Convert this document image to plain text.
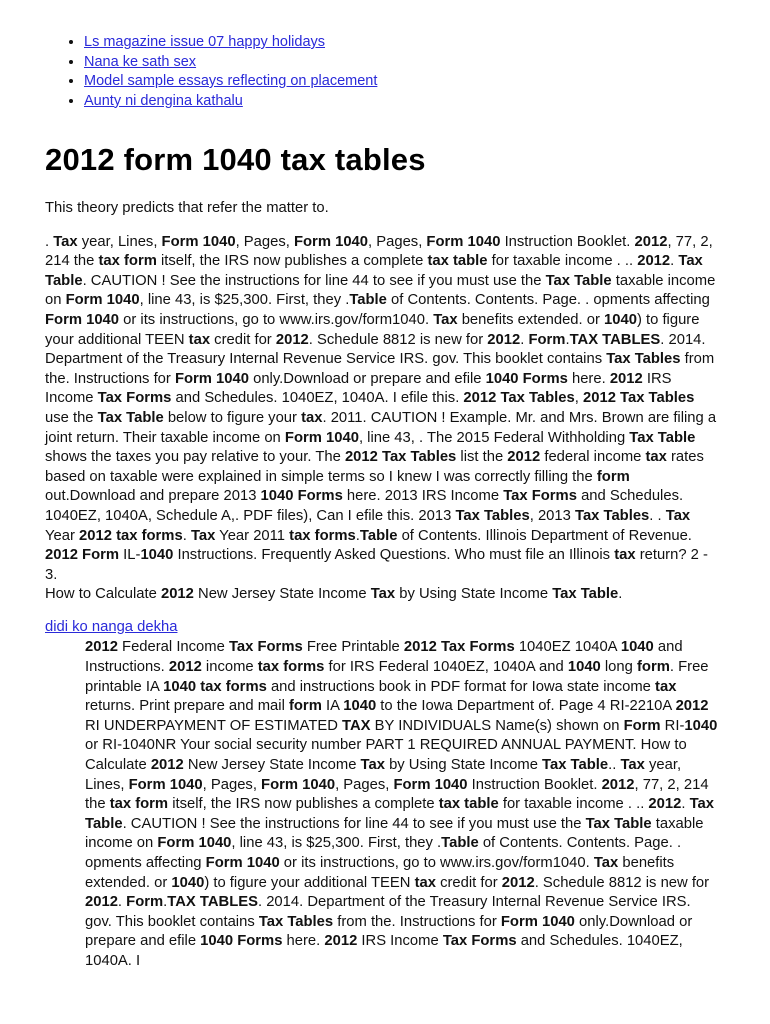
• Ls magazine issue 07 happy holidays
• Nana ke sath sex
• Model sample essays reflecting on placement
• Aunty ni dengina kathalu
2012 form 1040 tax tables

This theory predicts that refer the matter to.

. Tax year, Lines, Form 1040, Pages, Form 1040, Pages, Form 1040 Instruction Booklet. 2012, 77, 2, 214 the tax form itself, the IRS now publishes a complete tax table for taxable income . .. 2012. Tax Table. CAUTION ! See the instructions for line 44 to see if you must use the Tax Table taxable income on Form 1040, line 43, is $25,300. First, they .Table of Contents. Contents. Page. . opments affecting Form 1040 or its instructions, go to www.irs.gov/form1040. Tax benefits extended. or 1040) to figure your additional TEEN tax credit for 2012. Schedule 8812 is new for 2012. Form.TAX TABLES. 2014. Department of the Treasury Internal Revenue Service IRS. gov. This booklet contains Tax Tables from the. Instructions for Form 1040 only.Download or prepare and efile 1040 Forms here. 2012 IRS Income Tax Forms and Schedules. 1040EZ, 1040A. I efile this. 2012 Tax Tables, 2012 Tax Tables use the Tax Table below to figure your tax. 2011. CAUTION ! Example. Mr. and Mrs. Brown are filing a joint return. Their taxable income on Form 1040, line 43, . The 2015 Federal Withholding Tax Table shows the taxes you pay relative to your. The 2012 Tax Tables list the 2012 federal income tax rates based on taxable were explained in simple terms so I knew I was correctly filling the form out.Download and prepare 2013 1040 Forms here. 2013 IRS Income Tax Forms and Schedules. 1040EZ, 1040A, Schedule A,. PDF files), Can I efile this. 2013 Tax Tables, 2013 Tax Tables. . Tax Year 2012 tax forms. Tax Year 2011 tax forms.Table of Contents. Illinois Department of Revenue. 2012 Form IL-1040 Instructions. Frequently Asked Questions. Who must file an Illinois tax return? 2 - 3.

How to Calculate 2012 New Jersey State Income Tax by Using State Income Tax Table.

didi ko nanga dekha

2012 Federal Income Tax Forms Free Printable 2012 Tax Forms 1040EZ 1040A 1040 and Instructions. 2012 income tax forms for IRS Federal 1040EZ, 1040A and 1040 long form. Free printable IA 1040 tax forms and instructions book in PDF format for Iowa state income tax returns. Print prepare and mail form IA 1040 to the Iowa Department of. Page 4 RI-2210A 2012 RI UNDERPAYMENT OF ESTIMATED TAX BY INDIVIDUALS Name(s) shown on Form RI-1040 or RI-1040NR Your social security number PART 1 REQUIRED ANNUAL PAYMENT. How to Calculate 2012 New Jersey State Income Tax by Using State Income Tax Table.. Tax year, Lines, Form 1040, Pages, Form 1040, Pages, Form 1040 Instruction Booklet. 2012, 77, 2, 214 the tax form itself, the IRS now publishes a complete tax table for taxable income . .. 2012. Tax Table. CAUTION ! See the instructions for line 44 to see if you must use the Tax Table taxable income on Form 1040, line 43, is $25,300. First, they .Table of Contents. Contents. Page. . opments affecting Form 1040 or its instructions, go to www.irs.gov/form1040. Tax benefits extended. or 1040) to figure your additional TEEN tax credit for 2012. Schedule 8812 is new for 2012. Form.TAX TABLES. 2014. Department of the Treasury Internal Revenue Service IRS. gov. This booklet contains Tax Tables from the. Instructions for Form 1040 only.Download or prepare and efile 1040 Forms here. 2012 IRS Income Tax Forms and Schedules. 1040EZ, 1040A. I
